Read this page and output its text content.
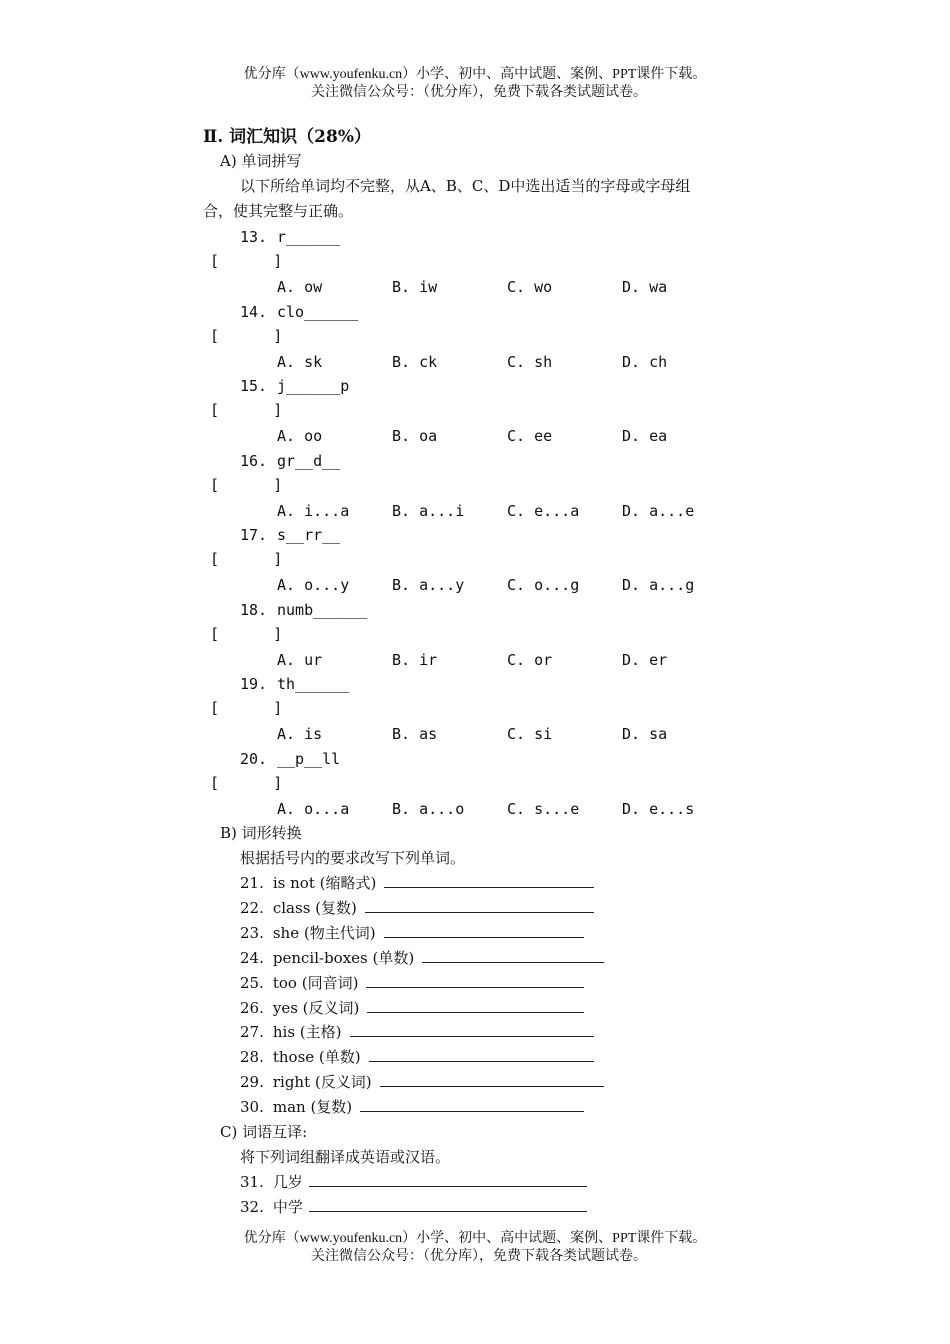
优分库（www.youfenku.cn）小学、初中、高中试题、案例、PPT课件下载。
关注微信公众号：（优分库），免费下载各类试题试卷。
Ⅱ. 词汇知识（28%）
A) 单词拼写
以下所给单词均不完整，从A、B、C、D中选出适当的字母或字母组
合，使其完整与正确。
13. r______
[      ]
A. ow	B. iw	C. wo	D. wa
14. clo______
[      ]
A. sk	B. ck	C. sh	D. ch
15. j______p
[      ]
A. oo	B. oa	C. ee	D. ea
16. gr__d__
[      ]
A. i...a	B. a...i	C. e...a	D. a...e
17. s__rr__
[      ]
A. o...y	B. a...y	C. o...g	D. a...g
18. numb______
[      ]
A. ur	B. ir	C. or	D. er
19. th______
[      ]
A. is	B. as	C. si	D. sa
20. __p__ll
[      ]
A. o...a	B. a...o	C. s...e	D. e...s
B) 词形转换
根据括号内的要求改写下列单词。
21. is not (缩略式)
22. class (复数)
23. she (物主代词)
24. pencil-boxes (单数)
25. too (同音词)
26. yes (反义词)
27. his (主格)
28. those (单数)
29. right (反义词)
30. man (复数)
C) 词语互译:
将下列词组翻译成英语或汉语。
31. 几岁
32. 中学
优分库（www.youfenku.cn）小学、初中、高中试题、案例、PPT课件下载。
关注微信公众号：（优分库），免费下载各类试题试卷。
